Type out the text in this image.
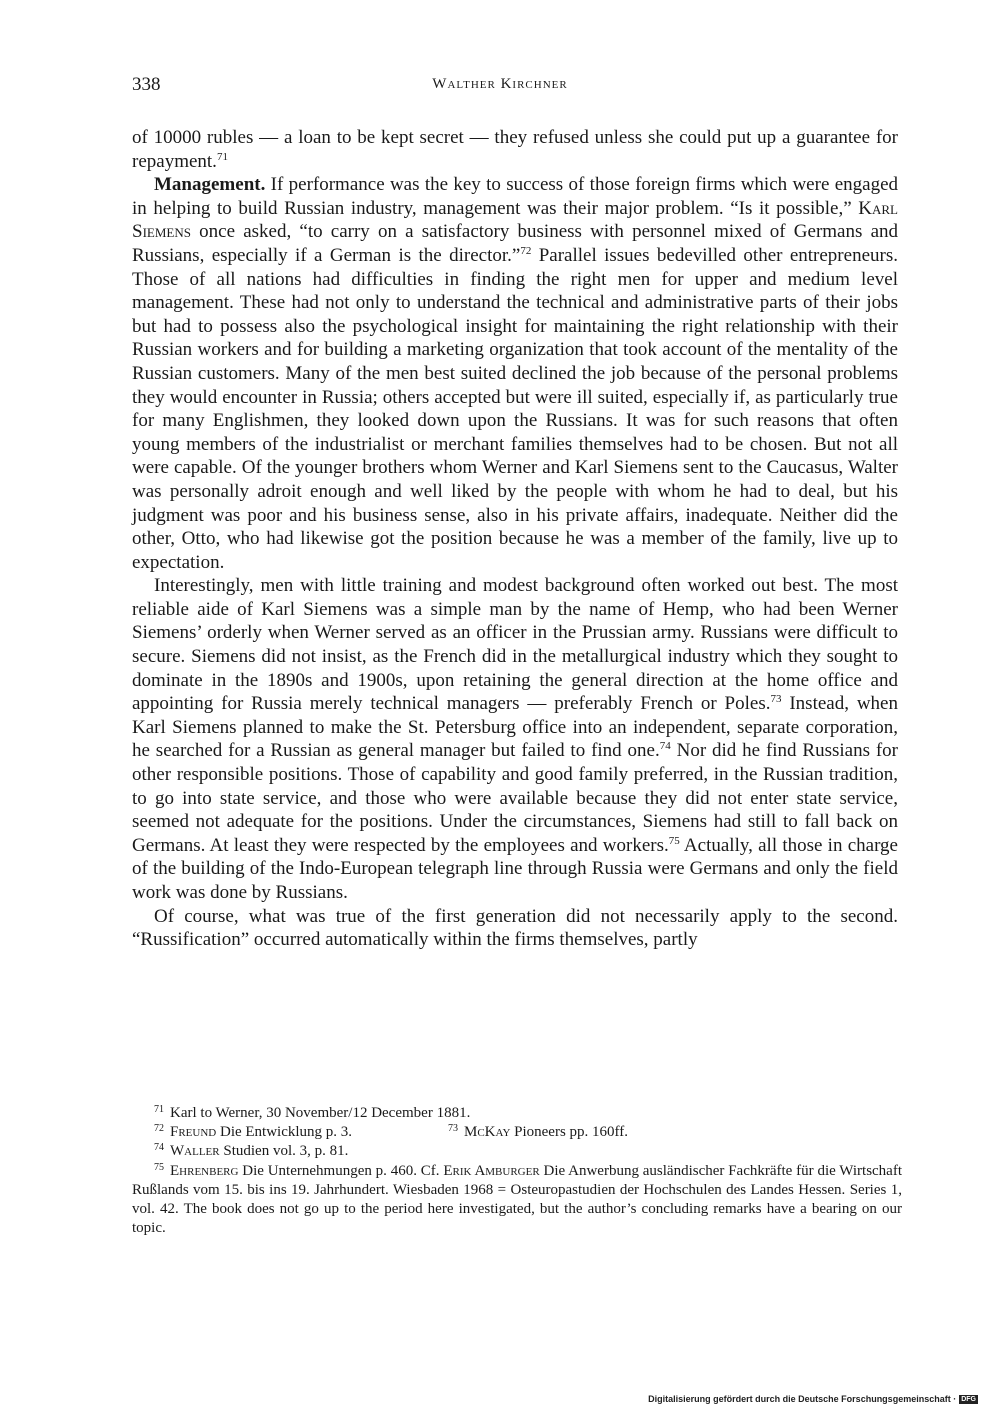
338	Walther Kirchner

of 10000 rubles — a loan to be kept secret — they refused unless she could put up a guarantee for repayment.$^{71}$

Management. If performance was the key to success of those foreign firms which were engaged in helping to build Russian industry, management was their major problem. “Is it possible,” Karl Siemens once asked, “to carry on a satisfactory business with personnel mixed of Germans and Russians, especially if a German is the director.”$^{72}$ Parallel issues bedevilled other entrepreneurs. Those of all nations had difficulties in finding the right men for upper and medium level management. These had not only to understand the technical and administrative parts of their jobs but had to possess also the psychological insight for maintaining the right relationship with their Russian workers and for building a marketing organization that took account of the mentality of the Russian customers. Many of the men best suited declined the job because of the personal problems they would encounter in Russia; others accepted but were ill suited, especially if, as particularly true for many Englishmen, they looked down upon the Russians. It was for such reasons that often young members of the industrialist or merchant families themselves had to be chosen. But not all were capable. Of the younger brothers whom Werner and Karl Siemens sent to the Caucasus, Walter was personally adroit enough and well liked by the people with whom he had to deal, but his judgment was poor and his business sense, also in his private affairs, inadequate. Neither did the other, Otto, who had likewise got the position because he was a member of the family, live up to expectation.

Interestingly, men with little training and modest background often worked out best. The most reliable aide of Karl Siemens was a simple man by the name of Hemp, who had been Werner Siemens’ orderly when Werner served as an officer in the Prussian army. Russians were difficult to secure. Siemens did not insist, as the French did in the metallurgical industry which they sought to dominate in the 1890s and 1900s, upon retaining the general direction at the home office and appointing for Russia merely technical managers — preferably French or Poles.$^{73}$ Instead, when Karl Siemens planned to make the St. Petersburg office into an independent, separate corporation, he searched for a Russian as general manager but failed to find one.$^{74}$ Nor did he find Russians for other responsible positions. Those of capability and good family preferred, in the Russian tradition, to go into state service, and those who were available because they did not enter state service, seemed not adequate for the positions. Under the circumstances, Siemens had still to fall back on Germans. At least they were respected by the employees and workers.$^{75}$ Actually, all those in charge of the building of the Indo-European telegraph line through Russia were Germans and only the field work was done by Russians.

Of course, what was true of the first generation did not necessarily apply to the second. “Russification” occurred automatically within the firms themselves, partly

$^{71}$ Karl to Werner, 30 November/12 December 1881.

$^{72}$ Freund Die Entwicklung p. 3.	$^{73}$ McKay Pioneers pp. 160ff.

$^{74}$ Waller Studien vol. 3, p. 81.

$^{75}$ Ehrenberg Die Unternehmungen p. 460. Cf. Erik Amburger Die Anwerbung ausländischer Fachkräfte für die Wirtschaft Rußlands vom 15. bis ins 19. Jahrhundert. Wiesbaden 1968 = Osteuropastudien der Hochschulen des Landes Hessen. Series 1, vol. 42. The book does not go up to the period here investigated, but the author’s concluding remarks have a bearing on our topic.

Digitalisierung gefördert durch die Deutsche Forschungsgemeinschaft · DFG
